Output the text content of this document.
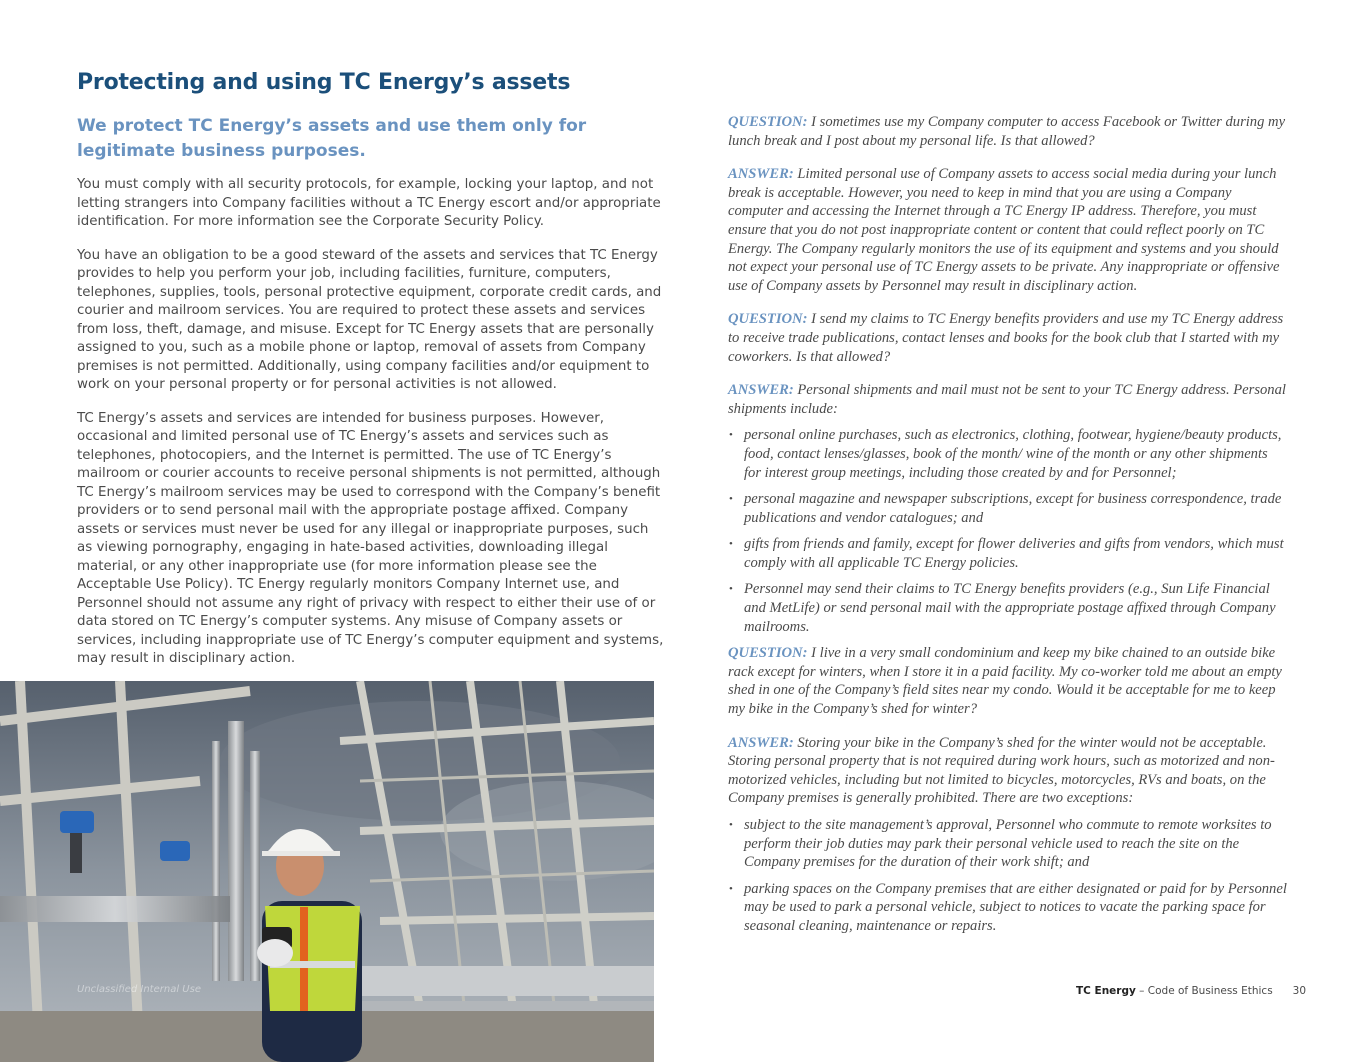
Protecting and using TC Energy’s assets
We protect TC Energy’s assets and use them only for legitimate business purposes.

You must comply with all security protocols, for example, locking your laptop, and not letting strangers into Company facilities without a TC Energy escort and/or appropriate identification. For more information see the Corporate Security Policy.

You have an obligation to be a good steward of the assets and services that TC Energy provides to help you perform your job, including facilities, furniture, computers, telephones, supplies, tools, personal protective equipment, corporate credit cards, and courier and mailroom services. You are required to protect these assets and services from loss, theft, damage, and misuse. Except for TC Energy assets that are personally assigned to you, such as a mobile phone or laptop, removal of assets from Company premises is not permitted. Additionally, using company facilities and/or equipment to work on your personal property or for personal activities is not allowed.

TC Energy’s assets and services are intended for business purposes. However, occasional and limited personal use of TC Energy’s assets and services such as telephones, photocopiers, and the Internet is permitted. The use of TC Energy’s mailroom or courier accounts to receive personal shipments is not permitted, although TC Energy’s mailroom services may be used to correspond with the Company’s benefit providers or to send personal mail with the appropriate postage affixed. Company assets or services must never be used for any illegal or inappropriate purposes, such as viewing pornography, engaging in hate-based activities, downloading illegal material, or any other inappropriate use (for more information please see the Acceptable Use Policy). TC Energy regularly monitors Company Internet use, and Personnel should not assume any right of privacy with respect to either their use of or data stored on TC Energy’s computer systems. Any misuse of Company assets or services, including inappropriate use of TC Energy’s computer equipment and systems, may result in disciplinary action.

Unclassified Internal Use

QUESTION: I sometimes use my Company computer to access Facebook or Twitter during my lunch break and I post about my personal life. Is that allowed?

ANSWER: Limited personal use of Company assets to access social media during your lunch break is acceptable. However, you need to keep in mind that you are using a Company computer and accessing the Internet through a TC Energy IP address. Therefore, you must ensure that you do not post inappropriate content or content that could reflect poorly on TC Energy. The Company regularly monitors the use of its equipment and systems and you should not expect your personal use of TC Energy assets to be private. Any inappropriate or offensive use of Company assets by Personnel may result in disciplinary action.

QUESTION: I send my claims to TC Energy benefits providers and use my TC Energy address to receive trade publications, contact lenses and books for the book club that I started with my coworkers. Is that allowed?

ANSWER: Personal shipments and mail must not be sent to your TC Energy address. Personal shipments include:

• personal online purchases, such as electronics, clothing, footwear, hygiene/beauty products, food, contact lenses/glasses, book of the month/ wine of the month or any other shipments for interest group meetings, including those created by and for Personnel;
• personal magazine and newspaper subscriptions, except for business correspondence, trade publications and vendor catalogues; and
• gifts from friends and family, except for flower deliveries and gifts from vendors, which must comply with all applicable TC Energy policies.
• Personnel may send their claims to TC Energy benefits providers (e.g., Sun Life Financial and MetLife) or send personal mail with the appropriate postage affixed through Company mailrooms.

QUESTION: I live in a very small condominium and keep my bike chained to an outside bike rack except for winters, when I store it in a paid facility. My co-worker told me about an empty shed in one of the Company’s field sites near my condo. Would it be acceptable for me to keep my bike in the Company’s shed for winter?

ANSWER: Storing your bike in the Company’s shed for the winter would not be acceptable. Storing personal property that is not required during work hours, such as motorized and non-motorized vehicles, including but not limited to bicycles, motorcycles, RVs and boats, on the Company premises is generally prohibited. There are two exceptions:

• subject to the site management’s approval, Personnel who commute to remote worksites to perform their job duties may park their personal vehicle used to reach the site on the Company premises for the duration of their work shift; and
• parking spaces on the Company premises that are either designated or paid for by Personnel may be used to park a personal vehicle, subject to notices to vacate the parking space for seasonal cleaning, maintenance or repairs.
TC Energy – Code of Business Ethics 30
